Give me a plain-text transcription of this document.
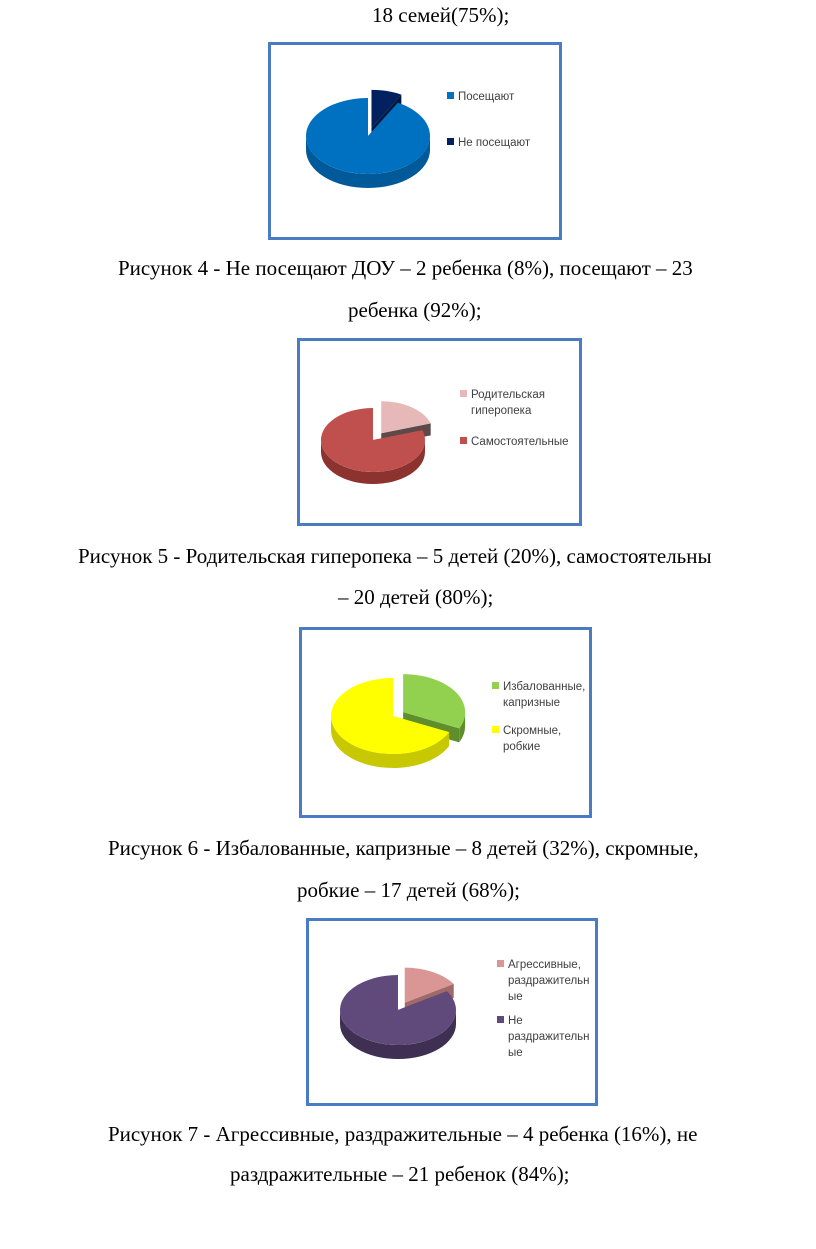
18 семей(75%);
Посещают
Не посещают
Рисунок 4 - Не посещают ДОУ – 2 ребенка (8%), посещают – 23
ребенка (92%);
Родительская
гиперопека
Самостоятельные
Рисунок 5 - Родительская гиперопека – 5 детей (20%), самостоятельны
– 20 детей (80%);
Избалованные,
капризные
Скромные,
робкие
Рисунок 6 - Избалованные, капризные – 8 детей (32%), скромные,
робкие – 17 детей (68%);
Агрессивные,
раздражительн
ые
Не
раздражительн
ые
Рисунок 7 - Агрессивные, раздражительные – 4 ребенка (16%), не
раздражительные – 21 ребенок (84%);
